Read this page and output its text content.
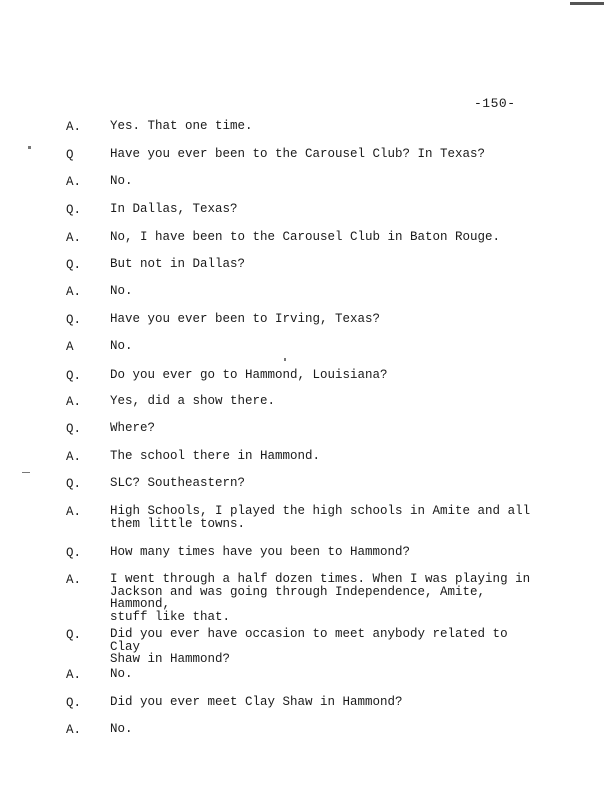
-150-
A. Yes. That one time.
Q	Have you ever been to the Carousel Club? In Texas?
A. No.
Q. In Dallas, Texas?
A. No, I have been to the Carousel Club in Baton Rouge.
Q. But not in Dallas?
A. No.
Q. Have you ever been to Irving, Texas?
A	No.
Q. Do you ever go to Hammond, Louisiana?
A. Yes, did a show there.
Q. Where?
A. The school there in Hammond.
Q. SLC? Southeastern?
A. High Schools, I played the high schools in Amite and all
them little towns.
Q. How many times have you been to Hammond?
A. I went through a half dozen times. When I was playing in
Jackson and was going through Independence, Amite, Hammond,
stuff like that.
Q. Did you ever have occasion to meet anybody related to Clay
Shaw in Hammond?
A. No.
Q. Did you ever meet Clay Shaw in Hammond?
A. No.
